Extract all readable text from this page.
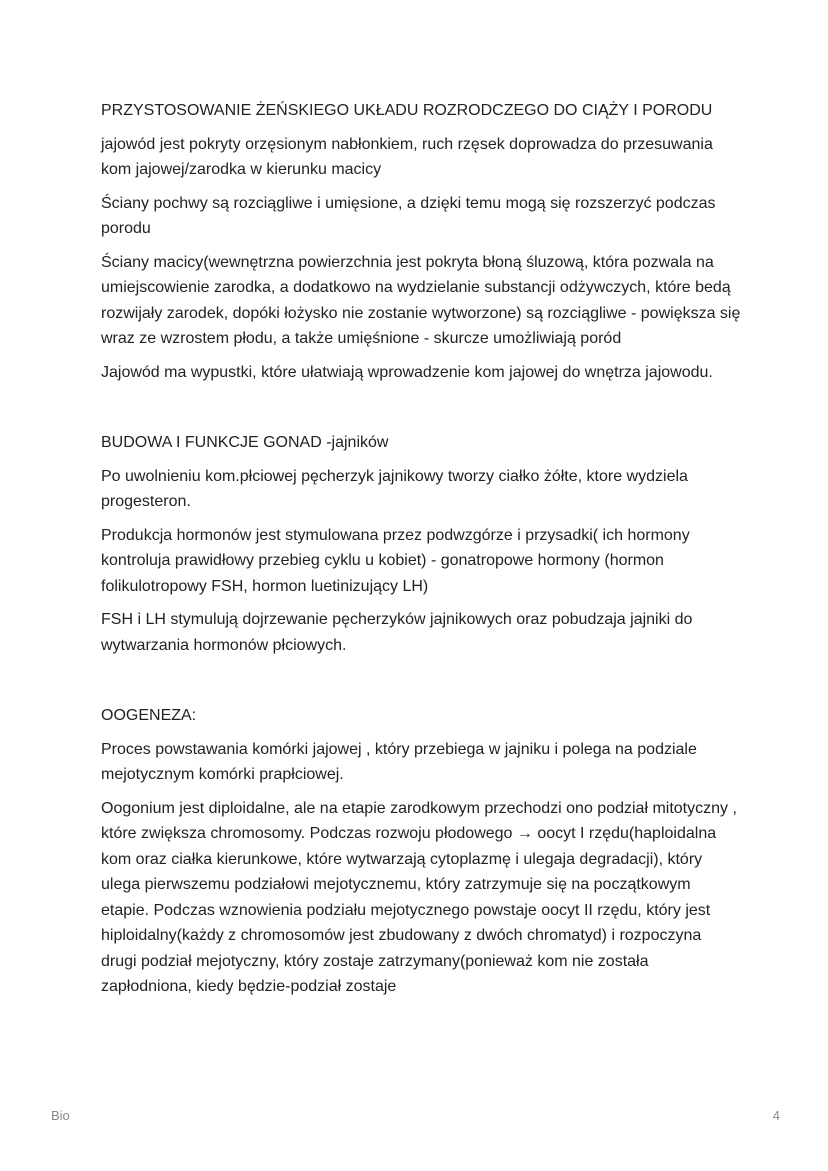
PRZYSTOSOWANIE ŻEŃSKIEGO UKŁADU ROZRODCZEGO DO CIĄŻY I PORODU

jajowód jest pokryty orzęsionym nabłonkiem, ruch rzęsek doprowadza do przesuwania kom jajowej/zarodka w kierunku macicy

Ściany pochwy są rozciągliwe i umięsione, a dzięki temu mogą się rozszerzyć podczas porodu

Ściany macicy(wewnętrzna powierzchnia jest pokryta błoną śluzową, która pozwala na umiejscowienie zarodka, a dodatkowo na wydzielanie substancji odżywczych, które bedą rozwijały zarodek, dopóki łożysko nie zostanie wytworzone) są rozciągliwe - powiększa się wraz ze wzrostem płodu, a także umięśnione - skurcze umożliwiają poród

Jajowód ma wypustki, które ułatwiają wprowadzenie kom jajowej do wnętrza jajowodu.

BUDOWA I FUNKCJE GONAD -jajników

Po uwolnieniu kom.płciowej pęcherzyk jajnikowy tworzy ciałko żółte, ktore wydziela progesteron.

Produkcja hormonów jest stymulowana przez podwzgórze i przysadki( ich hormony kontroluja prawidłowy przebieg cyklu u kobiet) - gonatropowe hormony (hormon folikulotropowy FSH, hormon luetinizujący LH)

FSH i LH stymulują dojrzewanie pęcherzyków jajnikowych oraz pobudzaja jajniki do wytwarzania hormonów płciowych.

OOGENEZA:

Proces powstawania komórki jajowej , który przebiega w jajniku i polega na podziale mejotycznym komórki prapłciowej.

Oogonium jest diploidalne, ale na etapie zarodkowym przechodzi ono podział mitotyczny , które zwiększa chromosomy. Podczas rozwoju płodowego → oocyt I rzędu(haploidalna kom oraz ciałka kierunkowe, które wytwarzają cytoplazmę i ulegaja degradacji), który ulega pierwszemu podziałowi mejotycznemu, który zatrzymuje się na początkowym etapie. Podczas wznowienia podziału mejotycznego powstaje oocyt II rzędu, który jest hiploidalny(każdy z chromosomów jest zbudowany z dwóch chromatyd) i rozpoczyna drugi podział mejotyczny, który zostaje zatrzymany(ponieważ kom nie została zapłodniona, kiedy będzie-podział zostaje

Bio	4
